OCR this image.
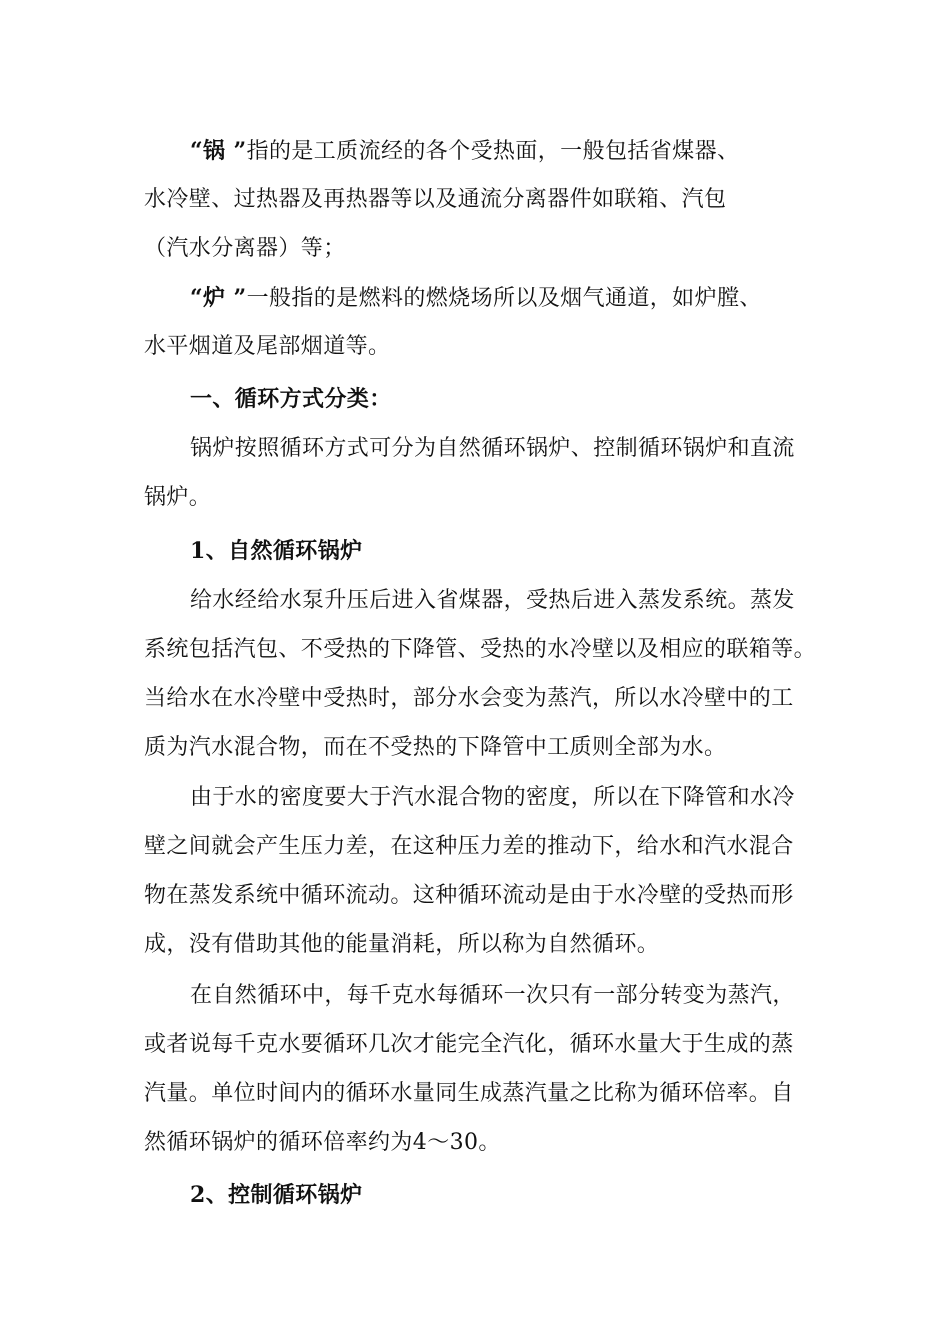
“锅 ”指的是工质流经的各个受热面，一般包括省煤器、
水冷壁、过热器及再热器等以及通流分离器件如联箱、汽包
（汽水分离器）等；
“炉 ”一般指的是燃料的燃烧场所以及烟气通道，如炉膛、
水平烟道及尾部烟道等。
一、循环方式分类：
锅炉按照循环方式可分为自然循环锅炉、控制循环锅炉和直流
锅炉。
1、自然循环锅炉
给水经给水泵升压后进入省煤器，受热后进入蒸发系统。蒸发
系统包括汽包、不受热的下降管、受热的水冷壁以及相应的联箱等。
当给水在水冷壁中受热时，部分水会变为蒸汽，所以水冷壁中的工
质为汽水混合物，而在不受热的下降管中工质则全部为水。
由于水的密度要大于汽水混合物的密度，所以在下降管和水冷
壁之间就会产生压力差，在这种压力差的推动下，给水和汽水混合
物在蒸发系统中循环流动。这种循环流动是由于水冷壁的受热而形
成，没有借助其他的能量消耗，所以称为自然循环。
在自然循环中，每千克水每循环一次只有一部分转变为蒸汽，
或者说每千克水要循环几次才能完全汽化，循环水量大于生成的蒸
汽量。单位时间内的循环水量同生成蒸汽量之比称为循环倍率。自
然循环锅炉的循环倍率约为4～30。
2、控制循环锅炉
